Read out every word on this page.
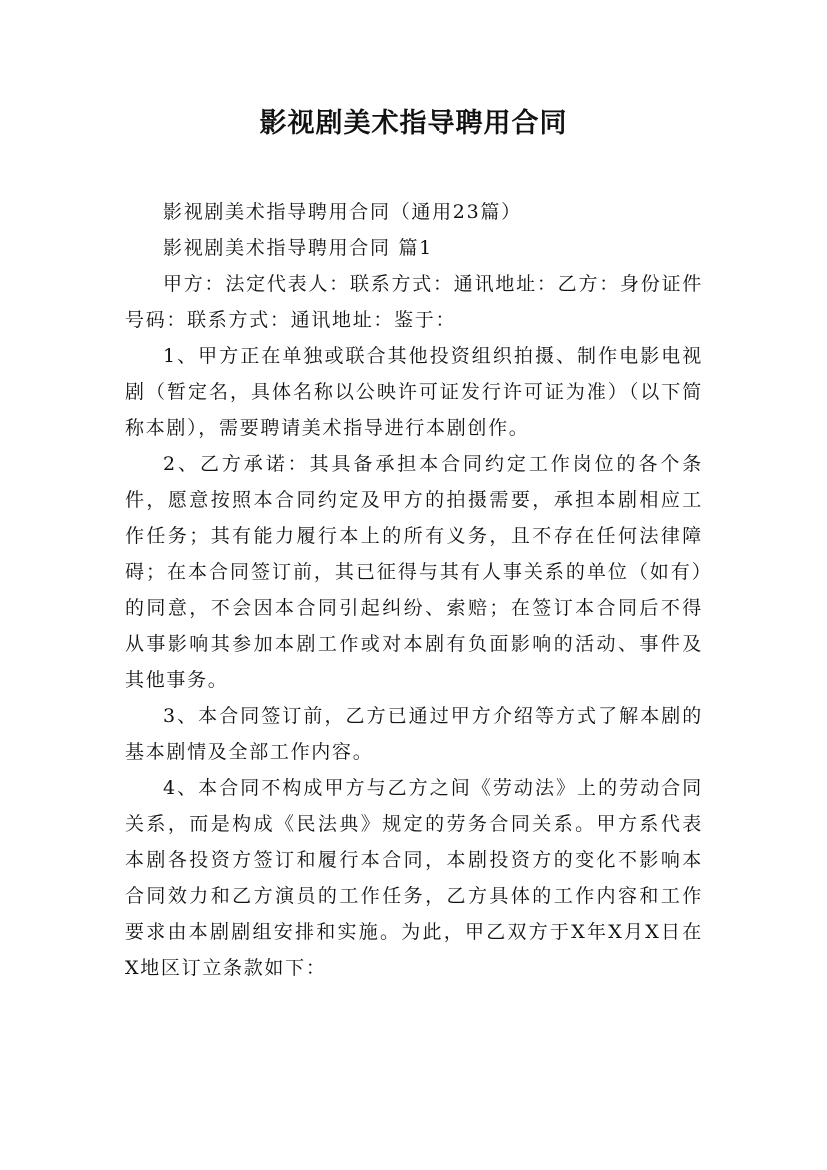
影视剧美术指导聘用合同

影视剧美术指导聘用合同（通用23篇）

影视剧美术指导聘用合同 篇1

甲方：法定代表人：联系方式：通讯地址：乙方：身份证件号码：联系方式：通讯地址：鉴于：

1、甲方正在单独或联合其他投资组织拍摄、制作电影电视剧（暂定名，具体名称以公映许可证发行许可证为准）（以下简称本剧），需要聘请美术指导进行本剧创作。

2、乙方承诺：其具备承担本合同约定工作岗位的各个条件，愿意按照本合同约定及甲方的拍摄需要，承担本剧相应工作任务；其有能力履行本上的所有义务，且不存在任何法律障碍；在本合同签订前，其已征得与其有人事关系的单位（如有）的同意，不会因本合同引起纠纷、索赔；在签订本合同后不得从事影响其参加本剧工作或对本剧有负面影响的活动、事件及其他事务。

3、本合同签订前，乙方已通过甲方介绍等方式了解本剧的基本剧情及全部工作内容。

4、本合同不构成甲方与乙方之间《劳动法》上的劳动合同关系，而是构成《民法典》规定的劳务合同关系。甲方系代表本剧各投资方签订和履行本合同，本剧投资方的变化不影响本合同效力和乙方演员的工作任务，乙方具体的工作内容和工作要求由本剧剧组安排和实施。为此，甲乙双方于X年X月X日在X地区订立条款如下：
